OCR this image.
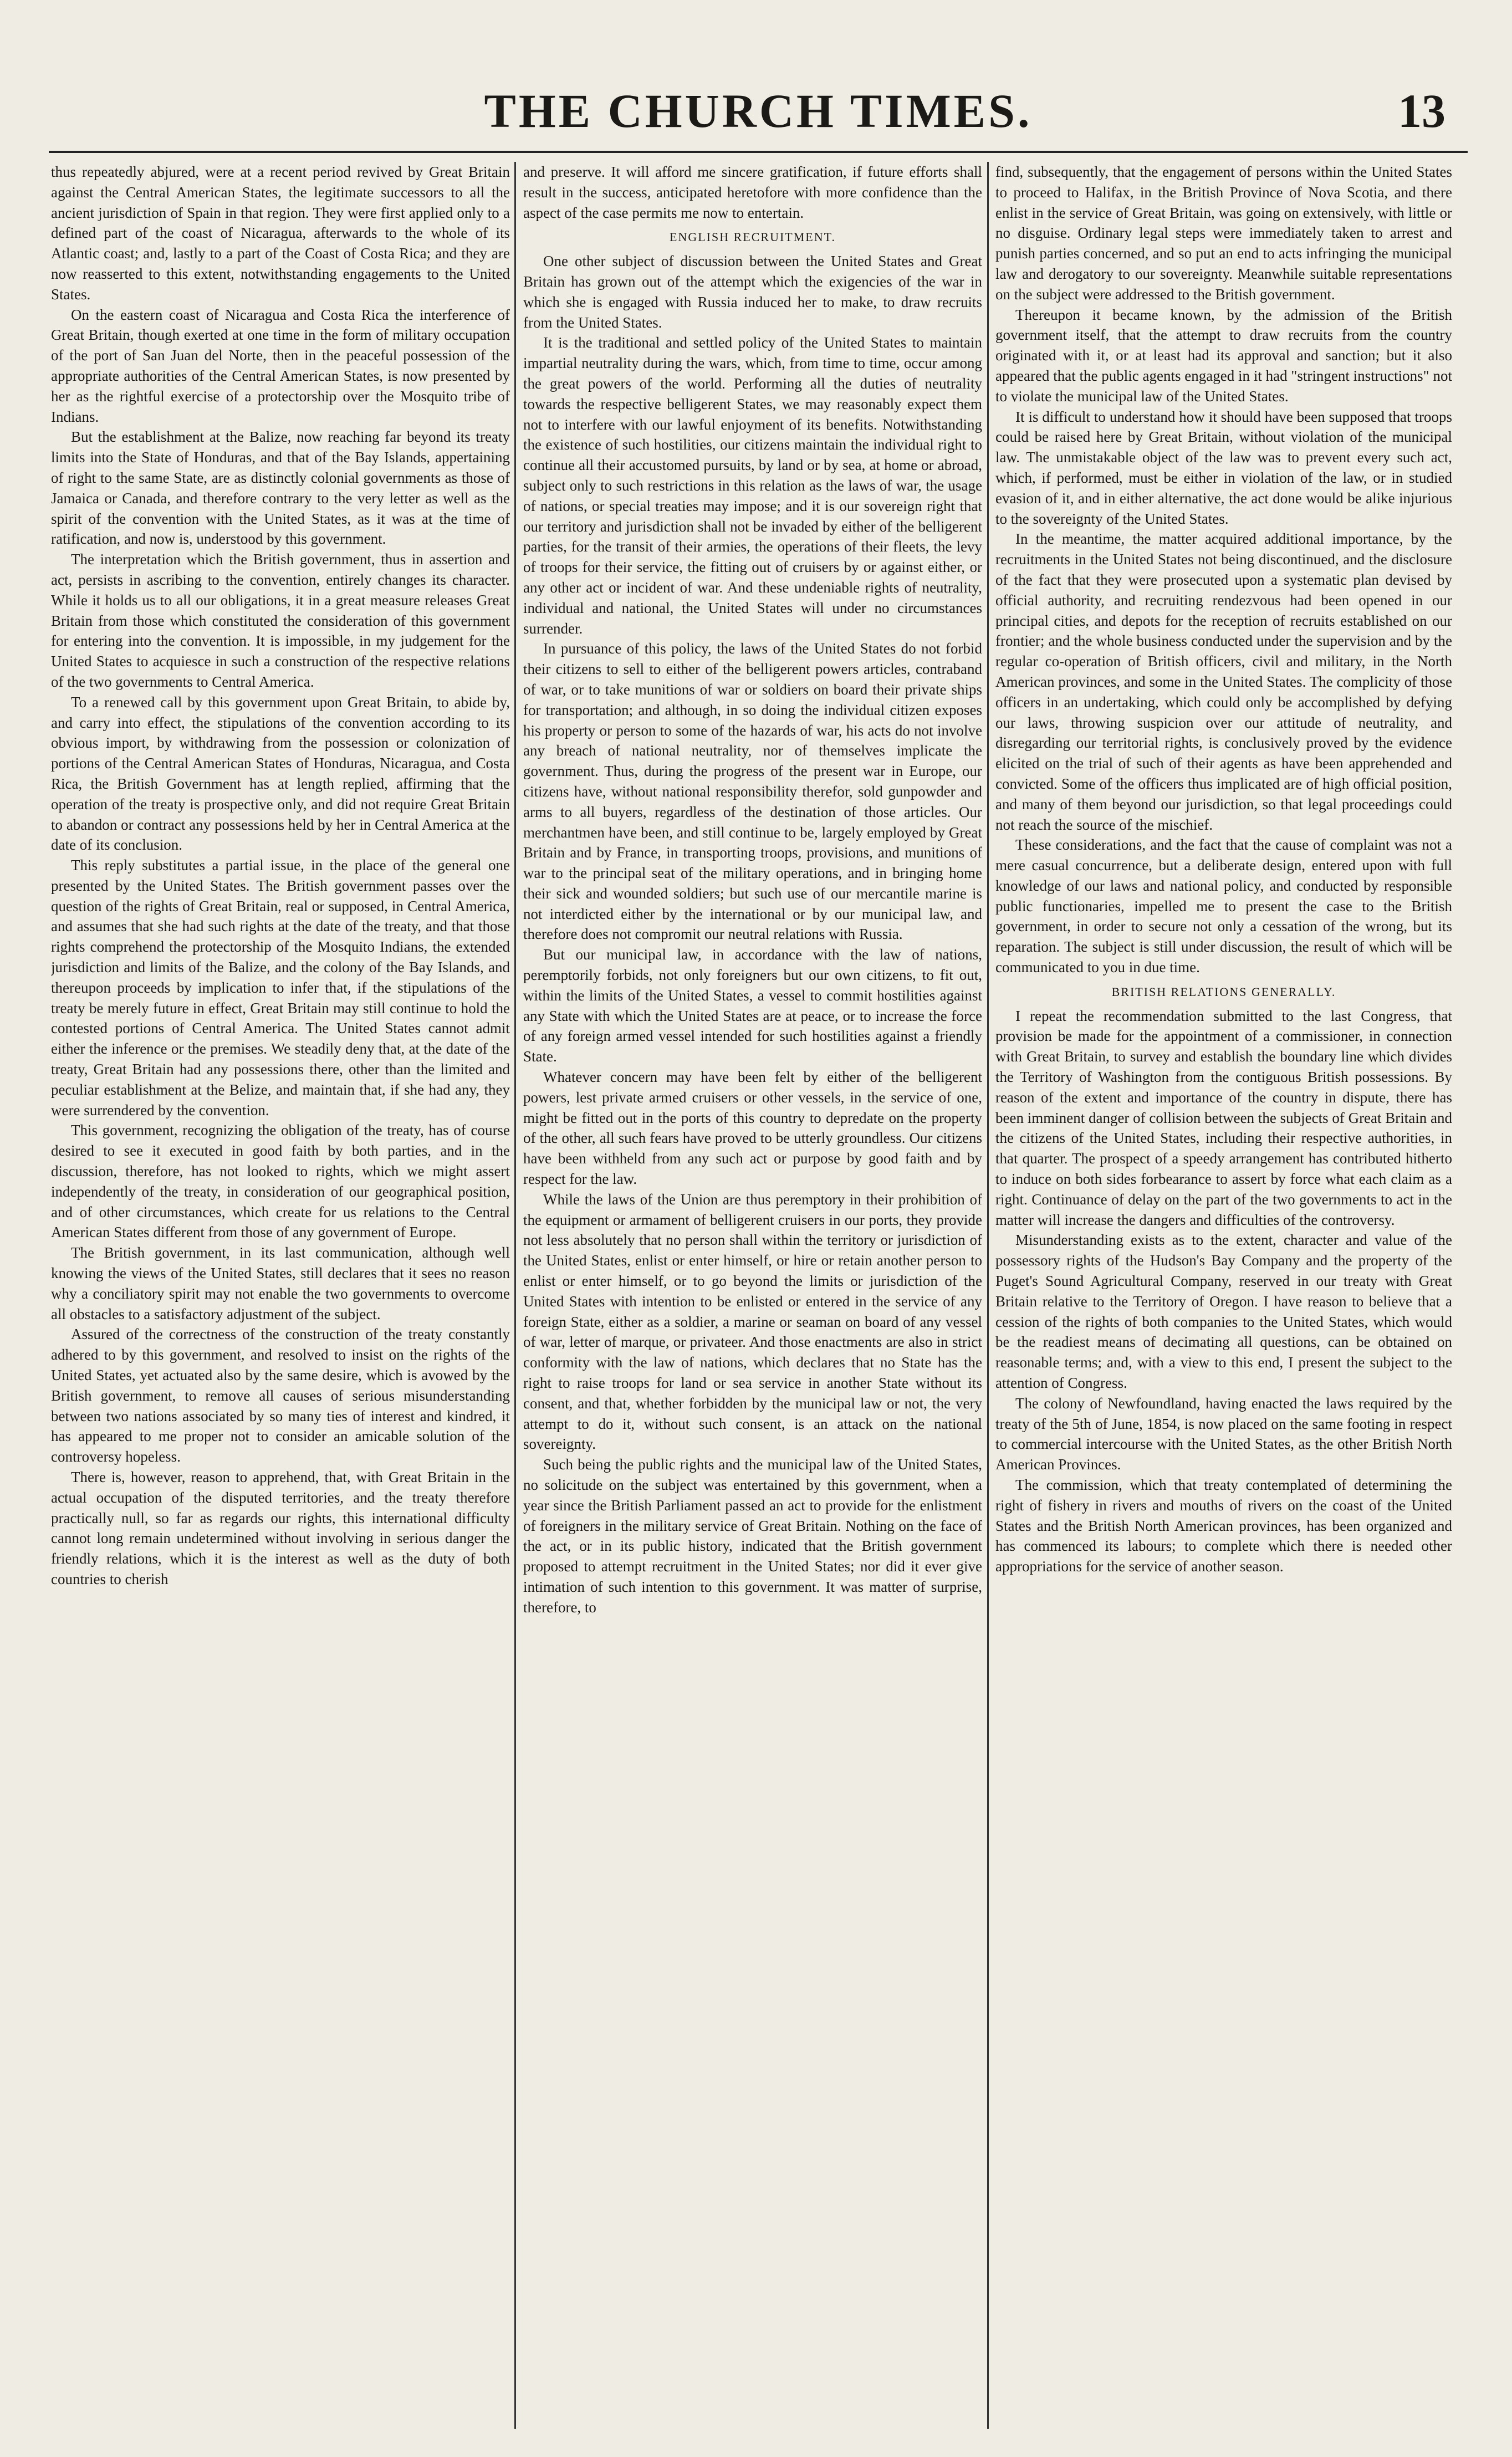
THE CHURCH TIMES.	13

thus repeatedly abjured, were at a recent period revived by Great Britain against the Central American States, the legitimate successors to all the ancient jurisdiction of Spain in that region. They were first applied only to a defined part of the coast of Nicaragua, afterwards to the whole of its Atlantic coast; and, lastly to a part of the Coast of Costa Rica; and they are now reasserted to this extent, notwithstanding engagements to the United States.

On the eastern coast of Nicaragua and Costa Rica the interference of Great Britain, though exerted at one time in the form of military occupation of the port of San Juan del Norte, then in the peaceful possession of the appropriate authorities of the Central American States, is now presented by her as the rightful exercise of a protectorship over the Mosquito tribe of Indians.

But the establishment at the Balize, now reaching far beyond its treaty limits into the State of Honduras, and that of the Bay Islands, appertaining of right to the same State, are as distinctly colonial governments as those of Jamaica or Canada, and therefore contrary to the very letter as well as the spirit of the convention with the United States, as it was at the time of ratification, and now is, understood by this government.

The interpretation which the British government, thus in assertion and act, persists in ascribing to the convention, entirely changes its character. While it holds us to all our obligations, it in a great measure releases Great Britain from those which constituted the consideration of this government for entering into the convention. It is impossible, in my judgement for the United States to acquiesce in such a construction of the respective relations of the two governments to Central America.

To a renewed call by this government upon Great Britain, to abide by, and carry into effect, the stipulations of the convention according to its obvious import, by withdrawing from the possession or colonization of portions of the Central American States of Honduras, Nicaragua, and Costa Rica, the British Government has at length replied, affirming that the operation of the treaty is prospective only, and did not require Great Britain to abandon or contract any possessions held by her in Central America at the date of its conclusion.

This reply substitutes a partial issue, in the place of the general one presented by the United States. The British government passes over the question of the rights of Great Britain, real or supposed, in Central America, and assumes that she had such rights at the date of the treaty, and that those rights comprehend the protectorship of the Mosquito Indians, the extended jurisdiction and limits of the Balize, and the colony of the Bay Islands, and thereupon proceeds by implication to infer that, if the stipulations of the treaty be merely future in effect, Great Britain may still continue to hold the contested portions of Central America. The United States cannot admit either the inference or the premises. We steadily deny that, at the date of the treaty, Great Britain had any possessions there, other than the limited and peculiar establishment at the Belize, and maintain that, if she had any, they were surrendered by the convention.

This government, recognizing the obligation of the treaty, has of course desired to see it executed in good faith by both parties, and in the discussion, therefore, has not looked to rights, which we might assert independently of the treaty, in consideration of our geographical position, and of other circumstances, which create for us relations to the Central American States different from those of any government of Europe.

The British government, in its last communication, although well knowing the views of the United States, still declares that it sees no reason why a conciliatory spirit may not enable the two governments to overcome all obstacles to a satisfactory adjustment of the subject.

Assured of the correctness of the construction of the treaty constantly adhered to by this government, and resolved to insist on the rights of the United States, yet actuated also by the same desire, which is avowed by the British government, to remove all causes of serious misunderstanding between two nations associated by so many ties of interest and kindred, it has appeared to me proper not to consider an amicable solution of the controversy hopeless.

There is, however, reason to apprehend, that, with Great Britain in the actual occupation of the disputed territories, and the treaty therefore practically null, so far as regards our rights, this international difficulty cannot long remain undetermined without involving in serious danger the friendly relations, which it is the interest as well as the duty of both countries to cherish

and preserve. It will afford me sincere gratification, if future efforts shall result in the success, anticipated heretofore with more confidence than the aspect of the case permits me now to entertain.

ENGLISH RECRUITMENT.

One other subject of discussion between the United States and Great Britain has grown out of the attempt which the exigencies of the war in which she is engaged with Russia induced her to make, to draw recruits from the United States.

It is the traditional and settled policy of the United States to maintain impartial neutrality during the wars, which, from time to time, occur among the great powers of the world. Performing all the duties of neutrality towards the respective belligerent States, we may reasonably expect them not to interfere with our lawful enjoyment of its benefits. Notwithstanding the existence of such hostilities, our citizens maintain the individual right to continue all their accustomed pursuits, by land or by sea, at home or abroad, subject only to such restrictions in this relation as the laws of war, the usage of nations, or special treaties may impose; and it is our sovereign right that our territory and jurisdiction shall not be invaded by either of the belligerent parties, for the transit of their armies, the operations of their fleets, the levy of troops for their service, the fitting out of cruisers by or against either, or any other act or incident of war. And these undeniable rights of neutrality, individual and national, the United States will under no circumstances surrender.

In pursuance of this policy, the laws of the United States do not forbid their citizens to sell to either of the belligerent powers articles, contraband of war, or to take munitions of war or soldiers on board their private ships for transportation; and although, in so doing the individual citizen exposes his property or person to some of the hazards of war, his acts do not involve any breach of national neutrality, nor of themselves implicate the government. Thus, during the progress of the present war in Europe, our citizens have, without national responsibility therefor, sold gunpowder and arms to all buyers, regardless of the destination of those articles. Our merchantmen have been, and still continue to be, largely employed by Great Britain and by France, in transporting troops, provisions, and munitions of war to the principal seat of the military operations, and in bringing home their sick and wounded soldiers; but such use of our mercantile marine is not interdicted either by the international or by our municipal law, and therefore does not compromit our neutral relations with Russia.

But our municipal law, in accordance with the law of nations, peremptorily forbids, not only foreigners but our own citizens, to fit out, within the limits of the United States, a vessel to commit hostilities against any State with which the United States are at peace, or to increase the force of any foreign armed vessel intended for such hostilities against a friendly State.

Whatever concern may have been felt by either of the belligerent powers, lest private armed cruisers or other vessels, in the service of one, might be fitted out in the ports of this country to depredate on the property of the other, all such fears have proved to be utterly groundless. Our citizens have been withheld from any such act or purpose by good faith and by respect for the law.

While the laws of the Union are thus peremptory in their prohibition of the equipment or armament of belligerent cruisers in our ports, they provide not less absolutely that no person shall within the territory or jurisdiction of the United States, enlist or enter himself, or hire or retain another person to enlist or enter himself, or to go beyond the limits or jurisdiction of the United States with intention to be enlisted or entered in the service of any foreign State, either as a soldier, a marine or seaman on board of any vessel of war, letter of marque, or privateer. And those enactments are also in strict conformity with the law of nations, which declares that no State has the right to raise troops for land or sea service in another State without its consent, and that, whether forbidden by the municipal law or not, the very attempt to do it, without such consent, is an attack on the national sovereignty.

Such being the public rights and the municipal law of the United States, no solicitude on the subject was entertained by this government, when a year since the British Parliament passed an act to provide for the enlistment of foreigners in the military service of Great Britain. Nothing on the face of the act, or in its public history, indicated that the British government proposed to attempt recruitment in the United States; nor did it ever give intimation of such intention to this government. It was matter of surprise, therefore, to

find, subsequently, that the engagement of persons within the United States to proceed to Halifax, in the British Province of Nova Scotia, and there enlist in the service of Great Britain, was going on extensively, with little or no disguise. Ordinary legal steps were immediately taken to arrest and punish parties concerned, and so put an end to acts infringing the municipal law and derogatory to our sovereignty. Meanwhile suitable representations on the subject were addressed to the British government.

Thereupon it became known, by the admission of the British government itself, that the attempt to draw recruits from the country originated with it, or at least had its approval and sanction; but it also appeared that the public agents engaged in it had "stringent instructions" not to violate the municipal law of the United States.

It is difficult to understand how it should have been supposed that troops could be raised here by Great Britain, without violation of the municipal law. The unmistakable object of the law was to prevent every such act, which, if performed, must be either in violation of the law, or in studied evasion of it, and in either alternative, the act done would be alike injurious to the sovereignty of the United States.

In the meantime, the matter acquired additional importance, by the recruitments in the United States not being discontinued, and the disclosure of the fact that they were prosecuted upon a systematic plan devised by official authority, and recruiting rendezvous had been opened in our principal cities, and depots for the reception of recruits established on our frontier; and the whole business conducted under the supervision and by the regular co-operation of British officers, civil and military, in the North American provinces, and some in the United States. The complicity of those officers in an undertaking, which could only be accomplished by defying our laws, throwing suspicion over our attitude of neutrality, and disregarding our territorial rights, is conclusively proved by the evidence elicited on the trial of such of their agents as have been apprehended and convicted. Some of the officers thus implicated are of high official position, and many of them beyond our jurisdiction, so that legal proceedings could not reach the source of the mischief.

These considerations, and the fact that the cause of complaint was not a mere casual concurrence, but a deliberate design, entered upon with full knowledge of our laws and national policy, and conducted by responsible public functionaries, impelled me to present the case to the British government, in order to secure not only a cessation of the wrong, but its reparation. The subject is still under discussion, the result of which will be communicated to you in due time.

BRITISH RELATIONS GENERALLY.

I repeat the recommendation submitted to the last Congress, that provision be made for the appointment of a commissioner, in connection with Great Britain, to survey and establish the boundary line which divides the Territory of Washington from the contiguous British possessions. By reason of the extent and importance of the country in dispute, there has been imminent danger of collision between the subjects of Great Britain and the citizens of the United States, including their respective authorities, in that quarter. The prospect of a speedy arrangement has contributed hitherto to induce on both sides forbearance to assert by force what each claim as a right. Continuance of delay on the part of the two governments to act in the matter will increase the dangers and difficulties of the controversy.

Misunderstanding exists as to the extent, character and value of the possessory rights of the Hudson's Bay Company and the property of the Puget's Sound Agricultural Company, reserved in our treaty with Great Britain relative to the Territory of Oregon. I have reason to believe that a cession of the rights of both companies to the United States, which would be the readiest means of decimating all questions, can be obtained on reasonable terms; and, with a view to this end, I present the subject to the attention of Congress.

The colony of Newfoundland, having enacted the laws required by the treaty of the 5th of June, 1854, is now placed on the same footing in respect to commercial intercourse with the United States, as the other British North American Provinces.

The commission, which that treaty contemplated of determining the right of fishery in rivers and mouths of rivers on the coast of the United States and the British North American provinces, has been organized and has commenced its labours; to complete which there is needed other appropriations for the service of another season.
